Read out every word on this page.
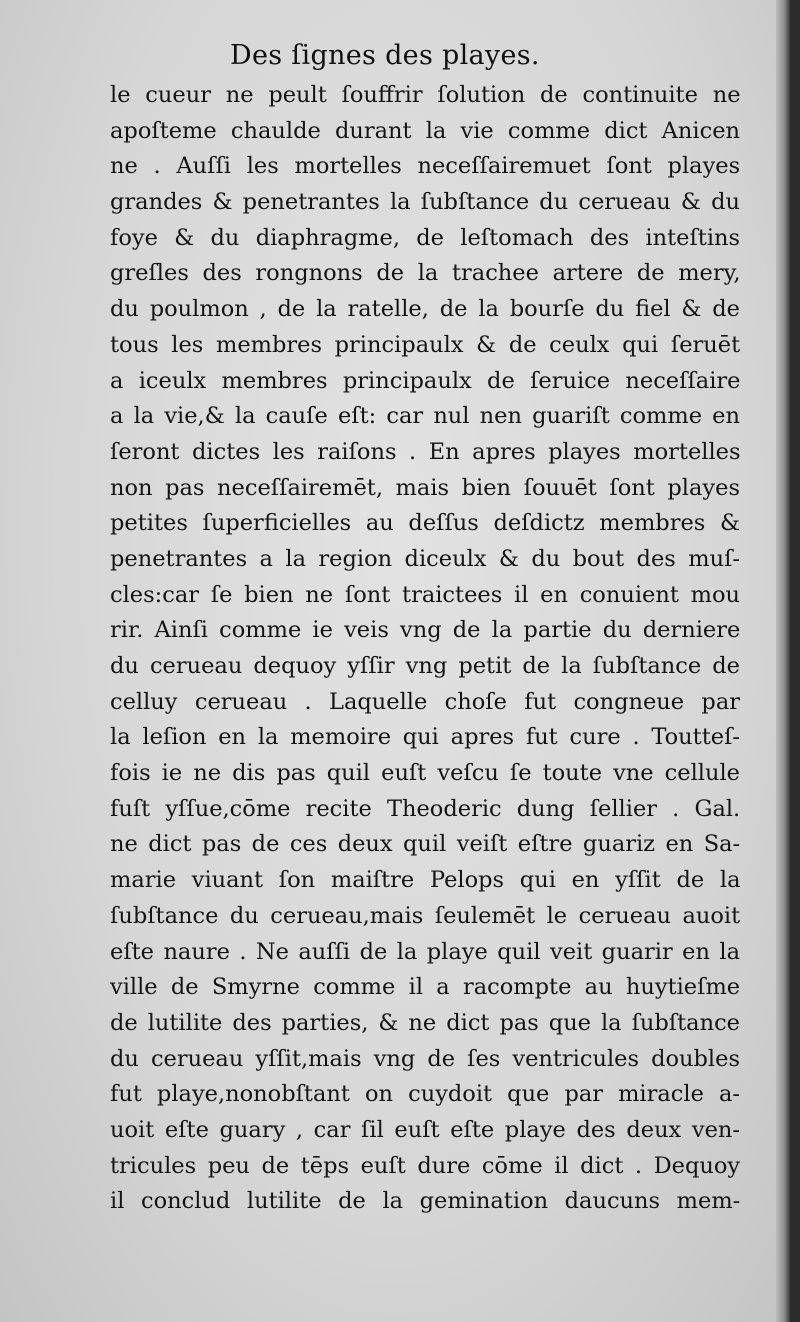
Des ſignes des playes.
le cueur ne peult ſouffrir ſolution de continuite ne
apoſteme chaulde durant la vie comme dict Anicen
ne . Auſſi les mortelles neceſſairemuet ſont playes
grandes & penetrantes la ſubſtance du cerueau & du
foye & du diaphragme, de leſtomach des inteſtins
greſles des rongnons de la trachee artere de mery,
du poulmon , de la ratelle, de la bourſe du fiel & de
tous les membres principaulx & de ceulx qui ſeruēt
a iceulx membres principaulx de ſeruice neceſſaire
a la vie,& la cauſe eſt: car nul nen guariſt comme en
ſeront dictes les raiſons . En apres playes mortelles
non pas neceſſairemēt, mais bien ſouuēt ſont playes
petites ſuperficielles au deſſus deſdictz membres &
penetrantes a la region diceulx & du bout des muſ-
cles:car ſe bien ne ſont traictees il en conuient mou
rir. Ainſi comme ie veis vng de la partie du derniere
du cerueau dequoy yſſir vng petit de la ſubſtance de
celluy cerueau . Laquelle choſe fut congneue par
la leſion en la memoire qui apres fut cure . Toutteſ-
fois ie ne dis pas quil euſt veſcu ſe toute vne cellule
fuſt yſſue,cōme recite Theoderic dung ſellier . Gal.
ne dict pas de ces deux quil veiſt eſtre guariz en Sa-
marie viuant ſon maiſtre Pelops qui en yſſit de la
ſubſtance du cerueau,mais ſeulemēt le cerueau auoit
eſte naure . Ne auſſi de la playe quil veit guarir en la
ville de Smyrne comme il a racompte au huytieſme
de lutilite des parties, & ne dict pas que la ſubſtance
du cerueau yſſit,mais vng de ſes ventricules doubles
fut playe,nonobſtant on cuydoit que par miracle a-
uoit eſte guary , car ſil euſt eſte playe des deux ven-
tricules peu de tēps euſt dure cōme il dict . Dequoy
il conclud lutilite de la gemination daucuns mem-
